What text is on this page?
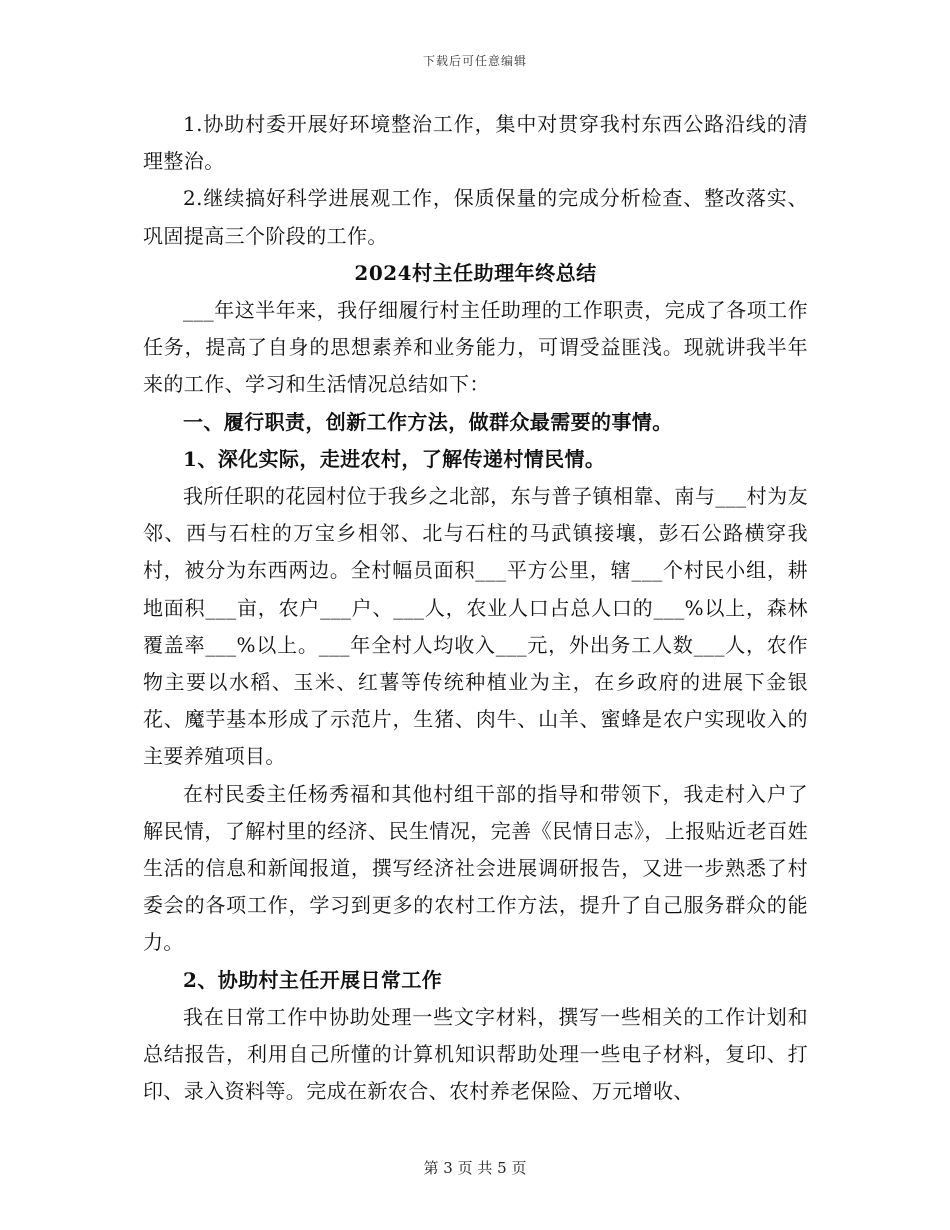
下载后可任意编辑

1.协助村委开展好环境整治工作，集中对贯穿我村东西公路沿线的清理整治。

2.继续搞好科学进展观工作，保质保量的完成分析检查、整改落实、巩固提高三个阶段的工作。

2024村主任助理年终总结

___年这半年来，我仔细履行村主任助理的工作职责，完成了各项工作任务，提高了自身的思想素养和业务能力，可谓受益匪浅。现就讲我半年来的工作、学习和生活情况总结如下：

一、履行职责，创新工作方法，做群众最需要的事情。

1、深化实际，走进农村，了解传递村情民情。

我所任职的花园村位于我乡之北部，东与普子镇相靠、南与___村为友邻、西与石柱的万宝乡相邻、北与石柱的马武镇接壤，彭石公路横穿我村，被分为东西两边。全村幅员面积___平方公里，辖___个村民小组，耕地面积___亩，农户___户、___人，农业人口占总人口的___%以上，森林覆盖率___%以上。___年全村人均收入___元，外出务工人数___人，农作物主要以水稻、玉米、红薯等传统种植业为主，在乡政府的进展下金银花、魔芋基本形成了示范片，生猪、肉牛、山羊、蜜蜂是农户实现收入的主要养殖项目。

在村民委主任杨秀福和其他村组干部的指导和带领下，我走村入户了解民情，了解村里的经济、民生情况，完善《民情日志》，上报贴近老百姓生活的信息和新闻报道，撰写经济社会进展调研报告，又进一步熟悉了村委会的各项工作，学习到更多的农村工作方法，提升了自己服务群众的能力。

2、协助村主任开展日常工作

我在日常工作中协助处理一些文字材料，撰写一些相关的工作计划和总结报告，利用自己所懂的计算机知识帮助处理一些电子材料，复印、打印、录入资料等。完成在新农合、农村养老保险、万元增收、

第 3 页 共 5 页
